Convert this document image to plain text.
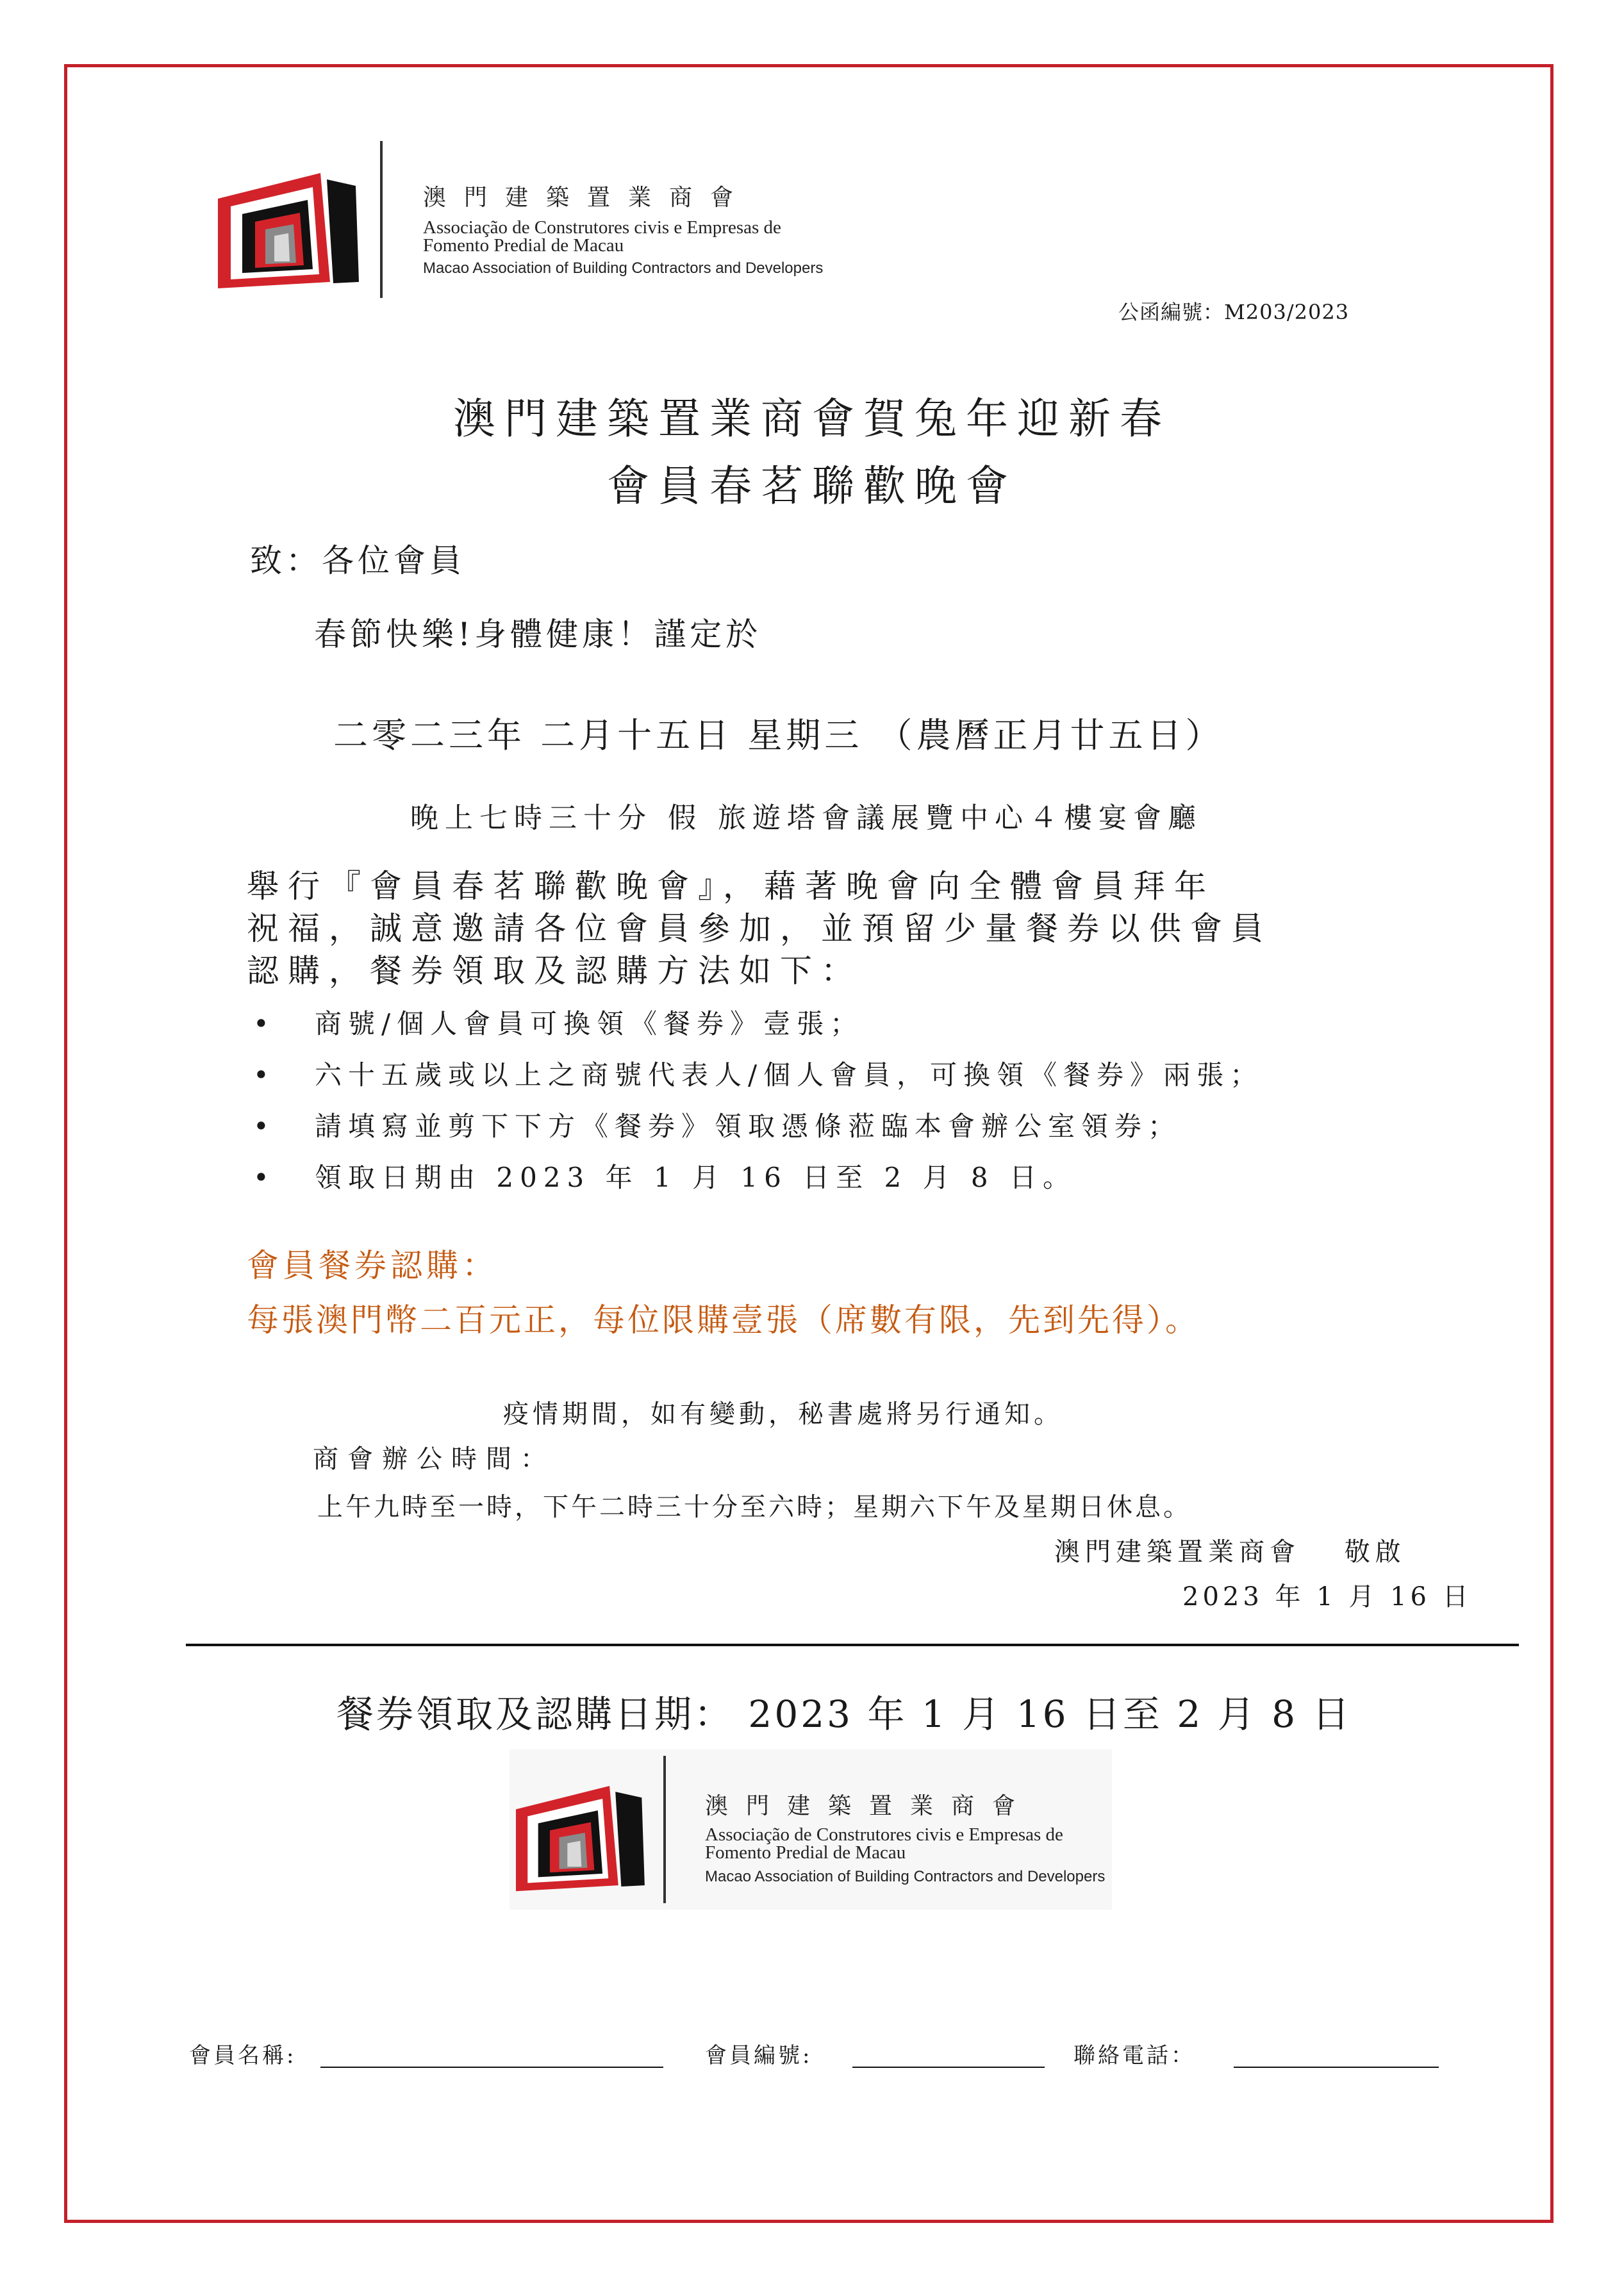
澳門建築置業商會
Associação de Construtores civis e Empresas de
Fomento Predial de Macau
Macao Association of Building Contractors and Developers
公函編號：M203/2023
澳門建築置業商會賀兔年迎新春
會員春茗聯歡晚會
致：各位會員
春節快樂!身體健康！謹定於
二零二三年 二月十五日 星期三 （農曆正月廿五日）
晚上七時三十分 假 旅遊塔會議展覽中心４樓宴會廳
舉行『會員春茗聯歡晚會』，藉著晚會向全體會員拜年
祝福，誠意邀請各位會員參加，並預留少量餐券以供會員
認購，餐券領取及認購方法如下：
• 商號/個人會員可換領《餐券》壹張；
• 六十五歲或以上之商號代表人/個人會員，可換領《餐券》兩張；
• 請填寫並剪下下方《餐券》領取憑條蒞臨本會辦公室領券；
• 領取日期由 2023 年 1 月 16 日至 2 月 8 日。
會員餐券認購：
每張澳門幣二百元正，每位限購壹張（席數有限，先到先得）。
疫情期間，如有變動，秘書處將另行通知。
商會辦公時間：
上午九時至一時，下午二時三十分至六時；星期六下午及星期日休息。
澳門建築置業商會　 敬啟
2023 年 1 月 16 日
餐券領取及認購日期： 2023 年 1 月 16 日至 2 月 8 日
澳門建築置業商會
Associação de Construtores civis e Empresas de
Fomento Predial de Macau
Macao Association of Building Contractors and Developers
會員名稱:	會員編號:	聯絡電話：
